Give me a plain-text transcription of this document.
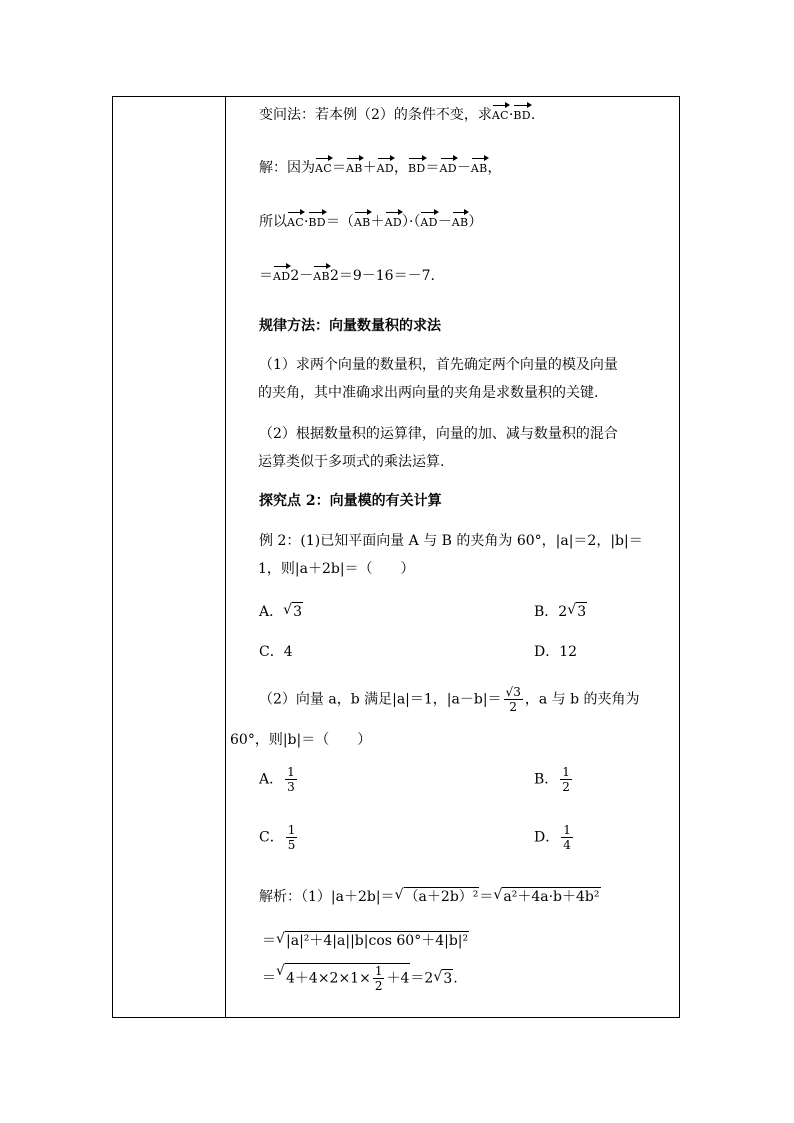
变问法：若本例（2）的条件不变，求AC·BD.
解：因为AC＝AB＋AD，BD＝AD－AB，
所以AC·BD＝（AB＋AD）·（AD－AB）
＝AD2－AB2＝9－16＝－7.
规律方法：向量数量积的求法
（1）求两个向量的数量积，首先确定两个向量的模及向量
的夹角，其中准确求出两向量的夹角是求数量积的关键.
（2）根据数量积的运算律，向量的加、减与数量积的混合
运算类似于多项式的乘法运算.
探究点 2：向量模的有关计算
例 2：(1)已知平面向量 A 与 B 的夹角为 60°，|a|＝2，|b|＝
1，则|a＋2b|＝（　　）
A． √ 3	B．2 √ 3
C．4	D．12
（2）向量 a，b 满足|a|＝1，$|a-b|= \frac{√3}{2}$ ，a 与 b 的夹角为
60°，则|b|＝（　　）
A． $\frac{1}{3}$	B． $\frac{1}{2}$
C． $\frac{1}{5}$	D． $\frac{1}{4}$
解析：（1）|a＋2b|＝ √ （a＋2b）²＝ √ a²＋4a·b＋4b²
＝ √ |a|²＋4|a||b|cos 60°＋4|b|²
＝ √ $4+4\times 2\times 1\times \frac{1}{2} +4=2$ √ 3.
